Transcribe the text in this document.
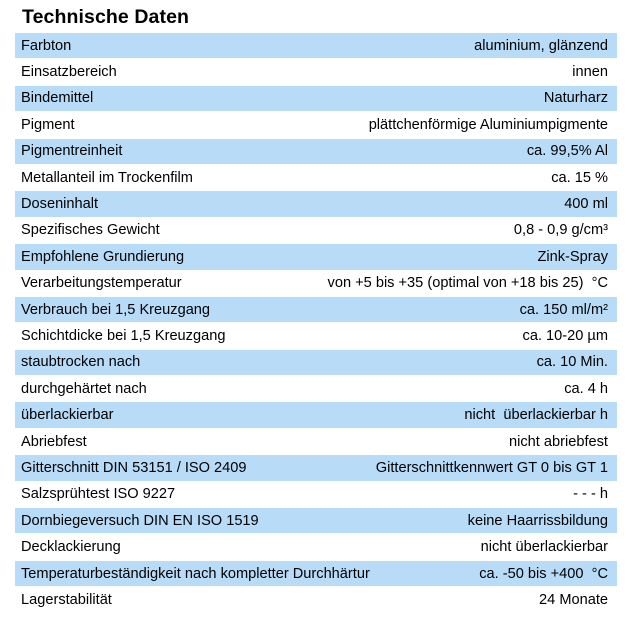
Technische Daten
Farbton	aluminium, glänzend
Einsatzbereich	innen
Bindemittel	Naturharz
Pigment	plättchenförmige Aluminiumpigmente
Pigmentreinheit	ca. 99,5% Al
Metallanteil im Trockenfilm	ca. 15 %
Doseninhalt	400 ml
Spezifisches Gewicht	0,8 - 0,9 g/cm³
Empfohlene Grundierung	Zink-Spray
Verarbeitungstemperatur	von +5 bis +35 (optimal von +18 bis 25)  °C
Verbrauch bei 1,5 Kreuzgang	ca. 150 ml/m²
Schichtdicke bei 1,5 Kreuzgang	ca. 10-20 µm
staubtrocken nach	ca. 10 Min.
durchgehärtet nach	ca. 4 h
überlackierbar	nicht  überlackierbar h
Abriebfest	nicht abriebfest
Gitterschnitt DIN 53151 / ISO 2409	Gitterschnittkennwert GT 0 bis GT 1
Salzsprühtest ISO 9227	- - - h
Dornbiegeversuch DIN EN ISO 1519	keine Haarrissbildung
Decklackierung	nicht überlackierbar
Temperaturbeständigkeit nach kompletter Durchhärtur	ca. -50 bis +400  °C
Lagerstabilität	24 Monate
